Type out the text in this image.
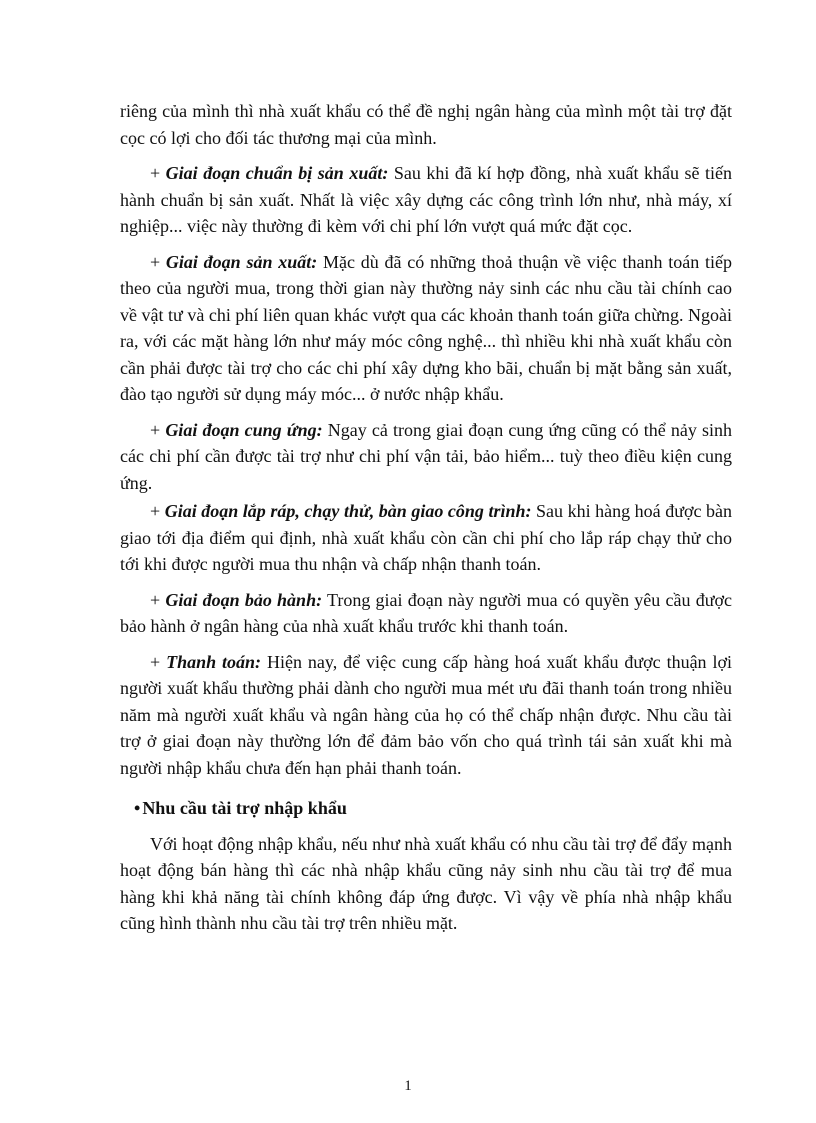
riêng của mình thì nhà xuất khẩu có thể đề nghị ngân hàng của mình một tài trợ đặt cọc có lợi cho đối tác thương mại của mình.

+ Giai đoạn chuẩn bị sản xuất: Sau khi đã kí hợp đồng, nhà xuất khẩu sẽ tiến hành chuẩn bị sản xuất. Nhất là việc xây dựng các công trình lớn như, nhà máy, xí nghiệp... việc này thường đi kèm với chi phí lớn vượt quá mức đặt cọc.

+ Giai đoạn sản xuất: Mặc dù đã có những thoả thuận về việc thanh toán tiếp theo của người mua, trong thời gian này thường nảy sinh các nhu cầu tài chính cao về vật tư và chi phí liên quan khác vượt qua các khoản thanh toán giữa chừng. Ngoài ra, với các mặt hàng lớn như máy móc công nghệ... thì nhiều khi nhà xuất khẩu còn cần phải được tài trợ cho các chi phí xây dựng kho bãi, chuẩn bị mặt bằng sản xuất, đào tạo người sử dụng máy móc... ở nước nhập khẩu.

+ Giai đoạn cung ứng: Ngay cả trong giai đoạn cung ứng cũng có thể nảy sinh các chi phí cần được tài trợ như chi phí vận tải, bảo hiểm... tuỳ theo điều kiện cung ứng.

+ Giai đoạn lắp ráp, chạy thử, bàn giao công trình: Sau khi hàng hoá được bàn giao tới địa điểm qui định, nhà xuất khẩu còn cần chi phí cho lắp ráp chạy thử cho tới khi được người mua thu nhận và chấp nhận thanh toán.

+ Giai đoạn bảo hành: Trong giai đoạn này người mua có quyền yêu cầu được bảo hành ở ngân hàng của nhà xuất khẩu trước khi thanh toán.

+ Thanh toán: Hiện nay, để việc cung cấp hàng hoá xuất khẩu được thuận lợi người xuất khẩu thường phải dành cho người mua mét ưu đãi thanh toán trong nhiều năm mà người xuất khẩu và ngân hàng của họ có thể chấp nhận được. Nhu cầu tài trợ ở giai đoạn này thường lớn để đảm bảo vốn cho quá trình tái sản xuất khi mà người nhập khẩu chưa đến hạn phải thanh toán.

• Nhu cầu tài trợ nhập khẩu

Với hoạt động nhập khẩu, nếu như nhà xuất khẩu có nhu cầu tài trợ để đẩy mạnh hoạt động bán hàng thì các nhà nhập khẩu cũng nảy sinh nhu cầu tài trợ để mua hàng khi khả năng tài chính không đáp ứng được. Vì vậy về phía nhà nhập khẩu cũng hình thành nhu cầu tài trợ trên nhiều mặt.

1
